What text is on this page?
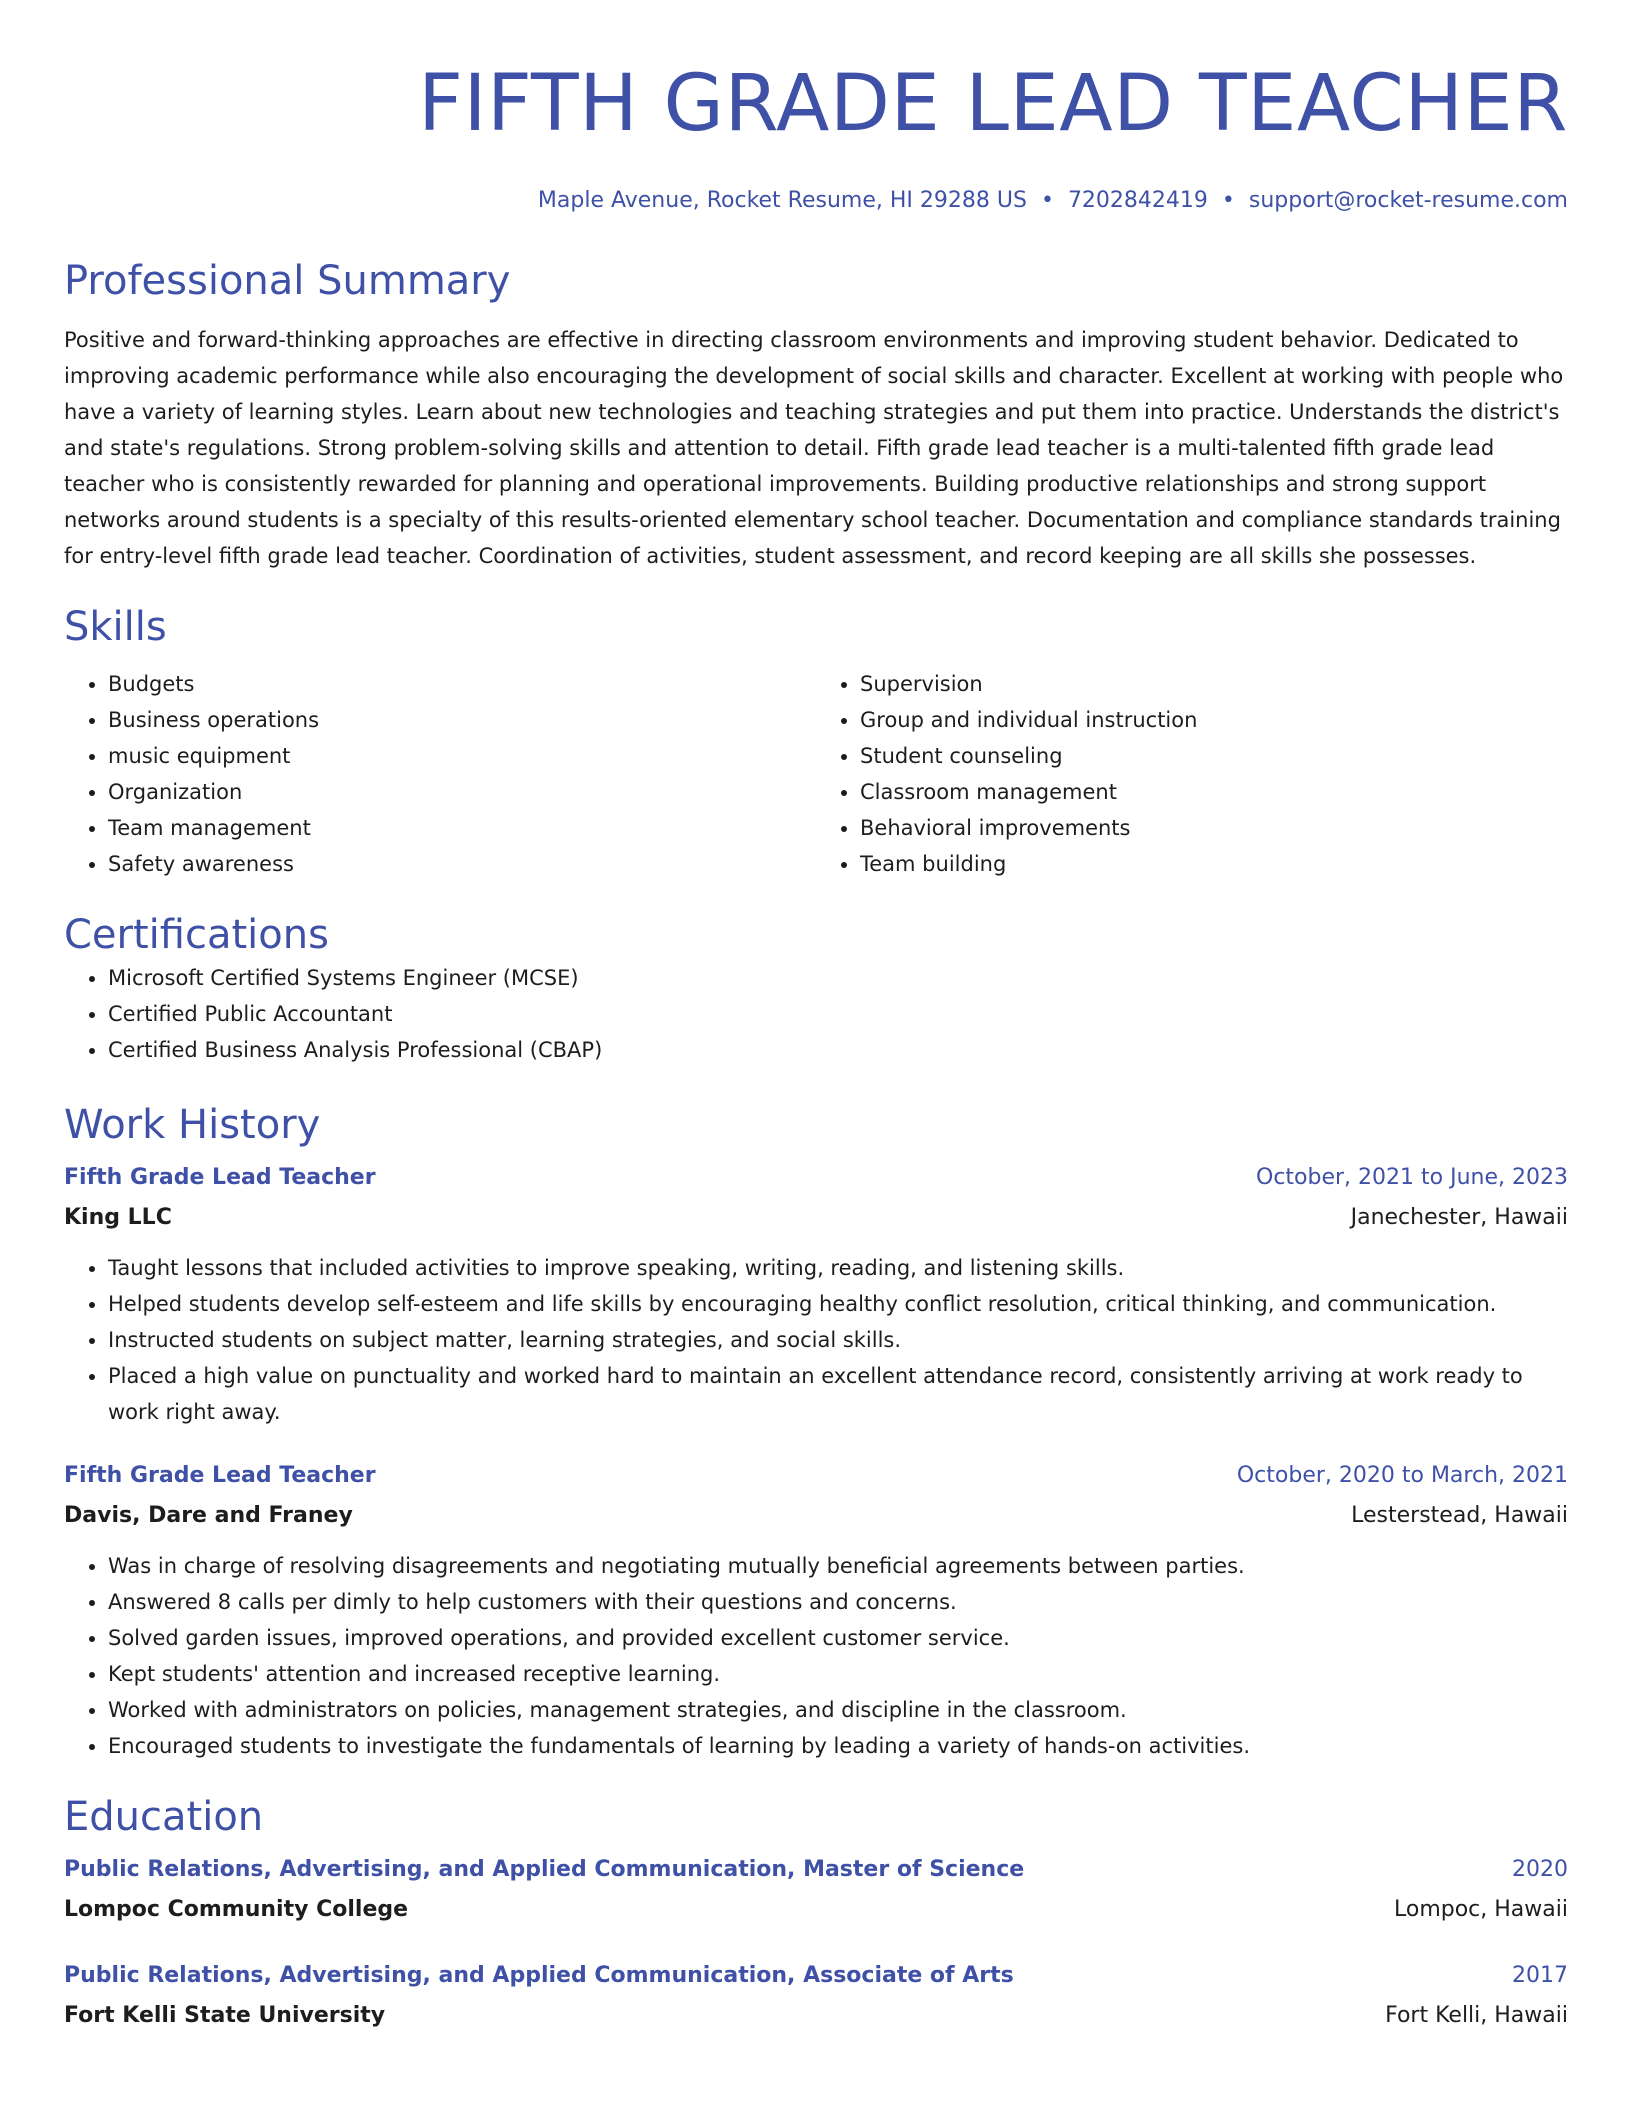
FIFTH GRADE LEAD TEACHER
Maple Avenue, Rocket Resume, HI 29288 US • 7202842419 • support@rocket-resume.com
Professional Summary

Positive and forward-thinking approaches are effective in directing classroom environments and improving student behavior. Dedicated to improving academic performance while also encouraging the development of social skills and character. Excellent at working with people who have a variety of learning styles. Learn about new technologies and teaching strategies and put them into practice. Understands the district's and state's regulations. Strong problem-solving skills and attention to detail. Fifth grade lead teacher is a multi-talented fifth grade lead teacher who is consistently rewarded for planning and operational improvements. Building productive relationships and strong support networks around students is a specialty of this results-oriented elementary school teacher. Documentation and compliance standards training for entry-level fifth grade lead teacher. Coordination of activities, student assessment, and record keeping are all skills she possesses.

Skills
• Budgets
• Business operations
• music equipment
• Organization
• Team management
• Safety awareness
• Supervision
• Group and individual instruction
• Student counseling
• Classroom management
• Behavioral improvements
• Team building
Certifications
• Microsoft Certified Systems Engineer (MCSE)
• Certified Public Accountant
• Certified Business Analysis Professional (CBAP)
Work History
Fifth Grade Lead Teacher	October, 2021 to June, 2023
King LLC	Janechester, Hawaii
• Taught lessons that included activities to improve speaking, writing, reading, and listening skills.
• Helped students develop self-esteem and life skills by encouraging healthy conflict resolution, critical thinking, and communication.
• Instructed students on subject matter, learning strategies, and social skills.
• Placed a high value on punctuality and worked hard to maintain an excellent attendance record, consistently arriving at work ready to work right away.
Fifth Grade Lead Teacher	October, 2020 to March, 2021
Davis, Dare and Franey	Lesterstead, Hawaii
• Was in charge of resolving disagreements and negotiating mutually beneficial agreements between parties.
• Answered 8 calls per dimly to help customers with their questions and concerns.
• Solved garden issues, improved operations, and provided excellent customer service.
• Kept students' attention and increased receptive learning.
• Worked with administrators on policies, management strategies, and discipline in the classroom.
• Encouraged students to investigate the fundamentals of learning by leading a variety of hands-on activities.
Education
Public Relations, Advertising, and Applied Communication, Master of Science	2020
Lompoc Community College	Lompoc, Hawaii
Public Relations, Advertising, and Applied Communication, Associate of Arts	2017
Fort Kelli State University	Fort Kelli, Hawaii
